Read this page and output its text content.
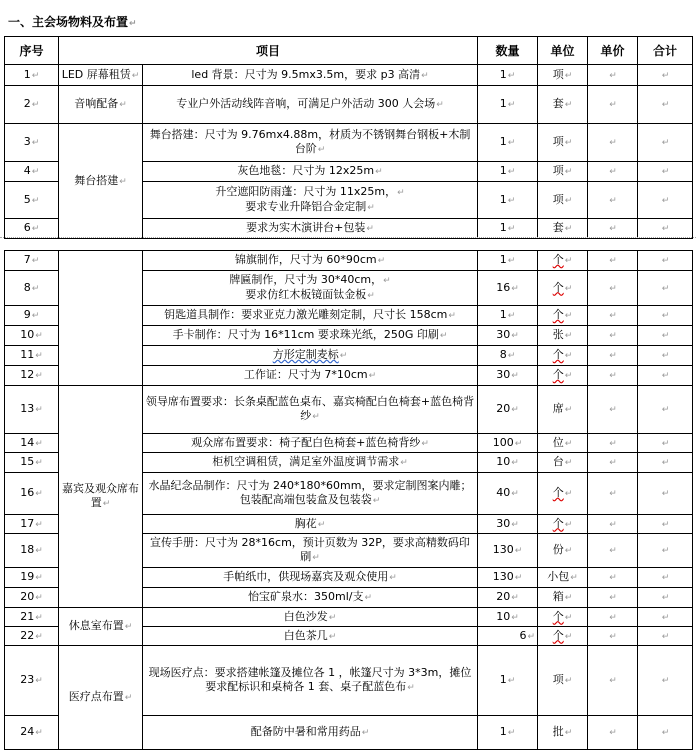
一、主会场物料及布置↵
序号	项目		数量	单位	单价	合计
1↵	LED 屏幕租赁↵	led 背景：尺寸为 9.5mx3.5m，要求 p3 高清↵	1↵	项↵	↵	↵
2↵	音响配备↵	专业户外活动线阵音响，可满足户外活动 300 人会场↵	1↵	套↵	↵	↵
3↵	舞台搭建↵	舞台搭建：尺寸为 9.76mx4.88m，材质为不锈钢舞台钢板+木制台阶↵	1↵	项↵	↵	↵
4↵		灰色地毯：尺寸为 12x25m↵	1↵	项↵	↵	↵
5↵		升空遮阳防雨蓬：尺寸为 11x25m，↵
要求专业升降铝合金定制↵	1↵	项↵	↵	↵
6↵		要求为实木演讲台+包装↵	1↵	套↵	↵	↵
7↵		锦旗制作，尺寸为 60*90cm↵	1↵	个↵	↵	↵
8↵		牌匾制作，尺寸为 30*40cm，↵
要求仿红木板镜面钛金板↵	16↵	个↵	↵	↵
9↵		钥匙道具制作：要求亚克力激光雕刻定制，尺寸长 158cm↵	1↵	个↵	↵	↵
10↵		手卡制作：尺寸为 16*11cm 要求珠光纸，250G 印刷↵	30↵	张↵	↵	↵
11↵		方形定制麦标↵	8↵	个↵	↵	↵
12↵		工作证：尺寸为 7*10cm↵	30↵	个↵	↵	↵
13↵	嘉宾及观众席布置↵	领导席布置要求：长条桌配蓝色桌布、嘉宾椅配白色椅套+蓝色椅背纱↵	20↵	席↵	↵	↵
14↵		观众席布置要求：椅子配白色椅套+蓝色椅背纱↵	100↵	位↵	↵	↵
15↵		柜机空调租赁，满足室外温度调节需求↵	10↵	台↵	↵	↵
16↵		水晶纪念品制作：尺寸为 240*180*60mm，要求定制图案内雕；包装配高端包装盒及包装袋↵	40↵	个↵	↵	↵
17↵		胸花↵	30↵	个↵	↵	↵
18↵		宣传手册：尺寸为 28*16cm，预计页数为 32P，要求高精数码印刷↵	130↵	份↵	↵	↵
19↵		手帕纸巾，供现场嘉宾及观众使用↵	130↵	小包↵	↵	↵
20↵		怡宝矿泉水：350ml/支↵	20↵	箱↵	↵	↵
21↵	休息室布置↵	白色沙发↵	10↵	个↵	↵	↵
22↵		白色茶几↵	6↵	个↵	↵	↵
23↵	医疗点布置↵	现场医疗点：要求搭建帐篷及摊位各 1 ，帐篷尺寸为 3*3m，摊位要求配标识和桌椅各 1 套、桌子配蓝色布↵	1↵	项↵	↵	↵
24↵		配备防中暑和常用药品↵	1↵	批↵	↵	↵
